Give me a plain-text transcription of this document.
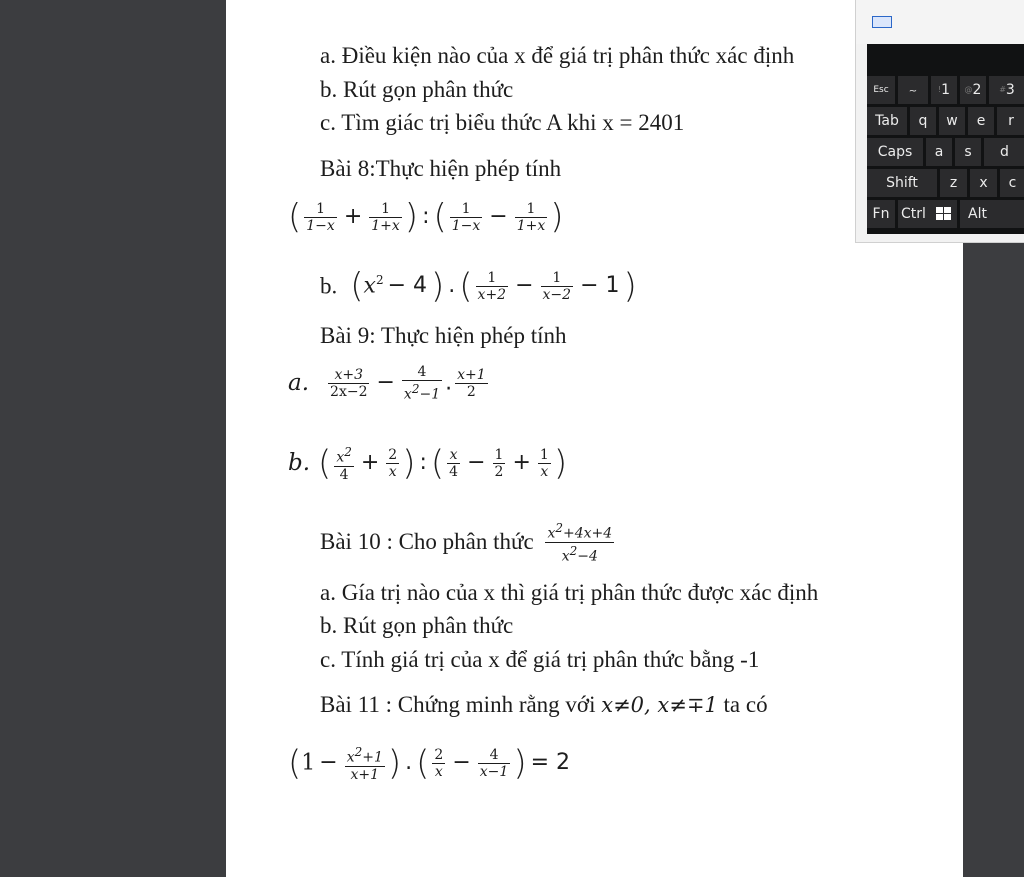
a. Điều kiện nào của x để giá trị phân thức xác định
b. Rút gọn phân thức
c. Tìm giác trị biểu thức A khi x = 2401
Bài 8:Thực hiện phép tính
( $\frac{1}{1-x} + \frac{1}{1+x}$ ) : ( $\frac{1}{1-x} - \frac{1}{1+x}$ )
b. ($x^2 - 4$ ) . ( $\frac{1}{x+2} - \frac{1}{x-2} - 1$ )
Bài 9: Thực hiện phép tính
a. $\frac{x+3}{2x-2} - \frac{4}{x^2-1}$ . $\frac{x+1}{2}$
b. ( $\frac{x^2}{4} + \frac{2}{x}$ ) : ( $\frac{x}{4} - \frac{1}{2} + \frac{1}{x}$ )
Bài 10 : Cho phân thức $\frac{x^2+4x+4}{x^2-4}$
a. Gía trị nào của x thì giá trị phân thức được xác định
b. Rút gọn phân thức
c. Tính giá trị của x để giá trị phân thức bằng -1
Bài 11 : Chứng minh rằng với x≠0, x≠∓1 ta có
($1 - \frac{x^2+1}{x+1}$ ) . ( $\frac{2}{x} - \frac{4}{x-1}$ ) = 2
Esc	~	!1	@2	#3
Tab	q	w	e	r
Caps	a	s	d
Shift	z	x	c
Fn Ctrl	Alt
